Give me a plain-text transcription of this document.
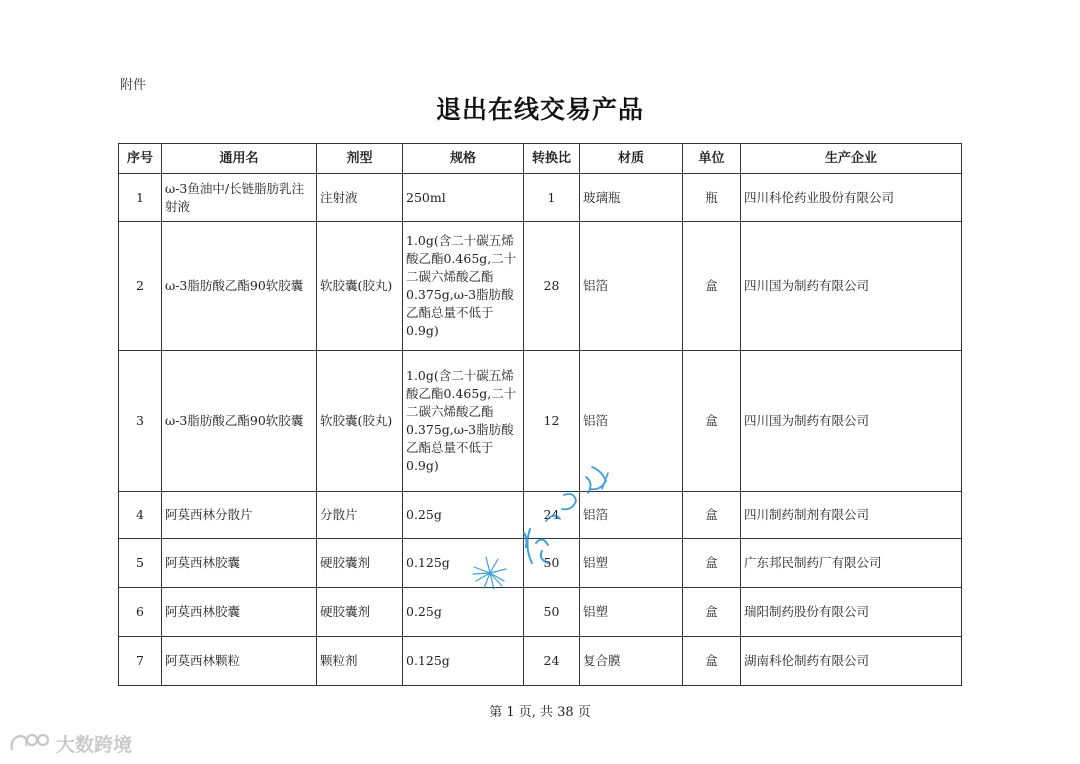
附件
退出在线交易产品
序号	通用名	剂型	规格	转换比	材质	单位	生产企业
1	ω-3鱼油中/长链脂肪乳注射液	注射液	250ml	1	玻璃瓶	瓶	四川科伦药业股份有限公司
2	ω-3脂肪酸乙酯90软胶囊	软胶囊(胶丸)	1.0g(含二十碳五烯酸乙酯0.465g,二十二碳六烯酸乙酯0.375g,ω-3脂肪酸乙酯总量不低于0.9g)	28	铝箔	盒	四川国为制药有限公司
3	ω-3脂肪酸乙酯90软胶囊	软胶囊(胶丸)	1.0g(含二十碳五烯酸乙酯0.465g,二十二碳六烯酸乙酯0.375g,ω-3脂肪酸乙酯总量不低于0.9g)	12	铝箔	盒	四川国为制药有限公司
4	阿莫西林分散片	分散片	0.25g	24	铝箔	盒	四川制药制剂有限公司
5	阿莫西林胶囊	硬胶囊剂	0.125g	50	铝塑	盒	广东邦民制药厂有限公司
6	阿莫西林胶囊	硬胶囊剂	0.25g	50	铝塑	盒	瑞阳制药股份有限公司
7	阿莫西林颗粒	颗粒剂	0.125g	24	复合膜	盒	湖南科伦制药有限公司
第 1 页, 共 38 页
大数跨境
